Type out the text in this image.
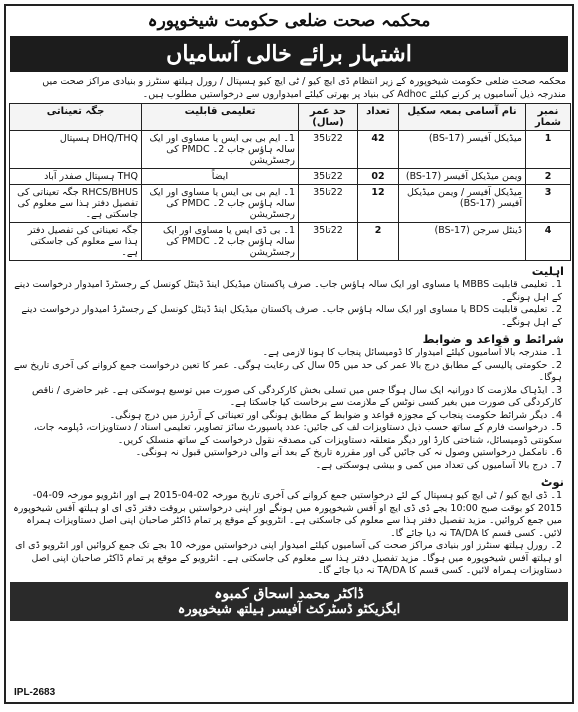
محکمہ صحت ضلعی حکومت شیخوپورہ
اشتہار برائے خالی آسامیاں
محکمہ صحت ضلعی حکومت شیخوپورہ کے زیر انتظام ڈی ایچ کیو / ٹی ایچ کیو ہسپتال / رورل ہیلتھ سنٹرز و بنیادی مراکز صحت میں مندرجہ ذیل آسامیوں پر کرنے کیلئے Adhoc کی بنیاد پر بھرتی کیلئے امیدواروں سے درخواستیں مطلوب ہیں۔
نمبر شمار	نام آسامی بمعہ سکیل	تعداد	حد عمر (سال)	تعلیمی قابلیت	جگہ تعیناتی
1	میڈیکل آفیسر (BS-17)	42	22تا35	1۔ ایم بی بی ایس یا مساوی اور ایک سالہ ہاؤس جاب 2۔ PMDC کی رجسٹریشن	DHQ/THQ ہسپتال
2	ویمن میڈیکل آفیسر (BS-17)	02	22تا35	ایضاً	THQ ہسپتال صفدر آباد
3	میڈیکل آفیسر / ویمن میڈیکل آفیسر (BS-17)	12	22تا35	1۔ ایم بی بی ایس یا مساوی اور ایک سالہ ہاؤس جاب 2۔ PMDC کی رجسٹریشن	RHCS/BHUS جگہ تعیناتی کی تفصیل دفتر ہذا سے معلوم کی جاسکتی ہے۔
4	ڈینٹل سرجن (BS-17)	2	22تا35	1۔ بی ڈی ایس یا مساوی اور ایک سالہ ہاؤس جاب 2۔ PMDC کی رجسٹریشن	جگہ تعیناتی کی تفصیل دفتر ہذا سے معلوم کی جاسکتی ہے۔
اہلیت
1۔ تعلیمی قابلیت MBBS یا مساوی اور ایک سالہ ہاؤس جاب۔ صرف پاکستان میڈیکل اینڈ ڈینٹل کونسل کے رجسٹرڈ امیدوار درخواست دینے کے اہل ہونگے۔
2۔ تعلیمی قابلیت BDS یا مساوی اور ایک سالہ ہاؤس جاب۔ صرف پاکستان میڈیکل اینڈ ڈینٹل کونسل کے رجسٹرڈ امیدوار درخواست دینے کے اہل ہونگے۔
شرائط و قواعد و ضوابط
1۔ مندرجہ بالا آسامیوں کیلئے امیدوار کا ڈومیسائل پنجاب کا ہونا لازمی ہے۔
2۔ حکومتی پالیسی کے مطابق درج بالا عمر کی حد میں 05 سال کی رعایت ہوگی۔ عمر کا تعین درخواست جمع کروانے کی آخری تاریخ سے ہوگا۔
3۔ ایڈہاک ملازمت کا دورانیہ ایک سال ہوگا جس میں تسلی بخش کارکردگی کی صورت میں توسیع ہوسکتی ہے۔ غیر حاضری / ناقص کارکردگی کی صورت میں بغیر کسی نوٹس کے ملازمت سے برخاست کیا جاسکتا ہے۔
4۔ دیگر شرائط حکومت پنجاب کے مجوزہ قواعد و ضوابط کے مطابق ہونگی اور تعیناتی کے آرڈرز میں درج ہونگی۔
5۔ درخواست فارم کے ساتھ حسب ذیل دستاویزات لف کی جائیں: عدد پاسپورٹ سائز تصاویر، تعلیمی اسناد / دستاویزات، ڈپلومہ جات، سکونتی ڈومیسائل، شناختی کارڈ اور دیگر متعلقہ دستاویزات کی مصدقہ نقول درخواست کے ساتھ منسلک کریں۔
6۔ نامکمل درخواستیں وصول نہ کی جائیں گی اور مقررہ تاریخ کے بعد آنے والی درخواستیں قبول نہ ہونگی۔
7۔ درج بالا آسامیوں کی تعداد میں کمی و بیشی ہوسکتی ہے۔
نوٹ
1۔ ڈی ایچ کیو / ٹی ایچ کیو ہسپتال کے لئے درخواستیں جمع کروانے کی آخری تاریخ مورخہ 02-04-2015 ہے اور انٹرویو مورخہ 09-04-2015 کو بوقت صبح 10:00 بجے ڈی ڈی ایچ او آفس شیخوپورہ میں ہونگے اور اپنی درخواستیں بروقت دفتر ڈی ای او ہیلتھ آفس شیخوپورہ میں جمع کروائیں۔ مزید تفصیل دفتر ہذا سے معلوم کی جاسکتی ہے۔ انٹرویو کے موقع پر تمام ڈاکٹر صاحبان اپنی اصل دستاویزات ہمراہ لائیں۔ کسی قسم کا TA/DA نہ دیا جائے گا۔
2۔ رورل ہیلتھ سنٹرز اور بنیادی مراکز صحت کی آسامیوں کیلئے امیدوار اپنی درخواستیں مورخہ 10 بجے تک جمع کروائیں اور انٹرویو ڈی ای او ہیلتھ آفس شیخوپورہ میں ہوگا۔ مزید تفصیل دفتر ہذا سے معلوم کی جاسکتی ہے۔ انٹرویو کے موقع پر تمام ڈاکٹر صاحبان اپنی اصل دستاویزات ہمراہ لائیں۔ کسی قسم کا TA/DA نہ دیا جائے گا۔
ڈاکٹر محمد اسحاق کمبوہ
ایگزیکٹو ڈسٹرکٹ آفیسر ہیلتھ شیخوپورہ
IPL-2683
